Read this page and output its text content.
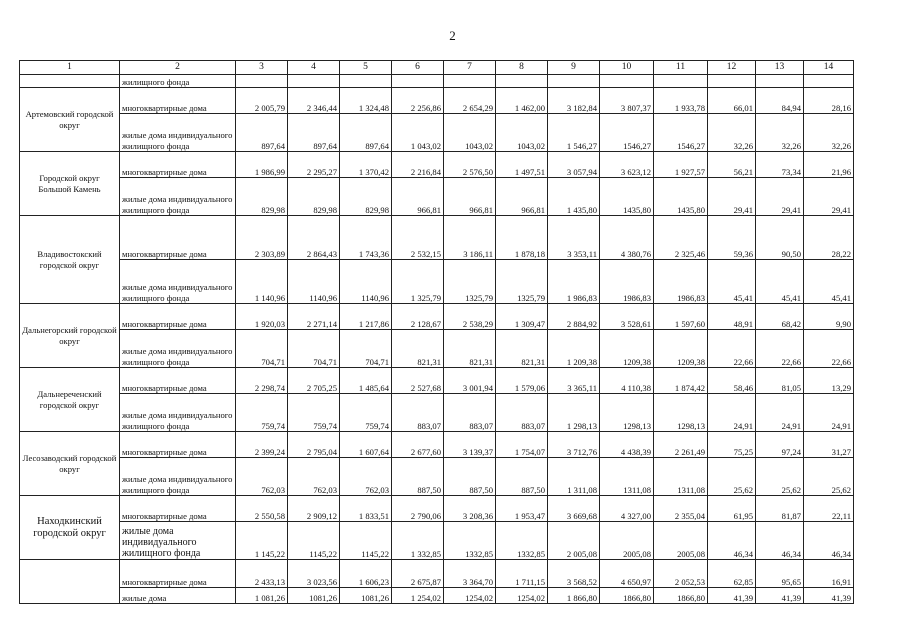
2
1	2	3	4	5	6	7	8	9	10	11	12	13	14
	жилищного фонда												
Артемовский городской округ	многоквартирные дома	2 005,79	2 346,44	1 324,48	2 256,86	2 654,29	1 462,00	3 182,84	3 807,37	1 933,78	66,01	84,94	28,16
	жилые дома индивидуального жилищного фонда	897,64	897,64	897,64	1 043,02	1043,02	1043,02	1 546,27	1546,27	1546,27	32,26	32,26	32,26
Городской округ Большой Камень	многоквартирные дома	1 986,99	2 295,27	1 370,42	2 216,84	2 576,50	1 497,51	3 057,94	3 623,12	1 927,57	56,21	73,34	21,96
	жилые дома индивидуального жилищного фонда	829,98	829,98	829,98	966,81	966,81	966,81	1 435,80	1435,80	1435,80	29,41	29,41	29,41
Владивостокский городской округ	многоквартирные дома	2 303,89	2 864,43	1 743,36	2 532,15	3 186,11	1 878,18	3 353,11	4 380,76	2 325,46	59,36	90,50	28,22
	жилые дома индивидуального жилищного фонда	1 140,96	1140,96	1140,96	1 325,79	1325,79	1325,79	1 986,83	1986,83	1986,83	45,41	45,41	45,41
Дальнегорский городской округ	многоквартирные дома	1 920,03	2 271,14	1 217,86	2 128,67	2 538,29	1 309,47	2 884,92	3 528,61	1 597,60	48,91	68,42	9,90
	жилые дома индивидуального жилищного фонда	704,71	704,71	704,71	821,31	821,31	821,31	1 209,38	1209,38	1209,38	22,66	22,66	22,66
Дальнереченский городской округ	многоквартирные дома	2 298,74	2 705,25	1 485,64	2 527,68	3 001,94	1 579,06	3 365,11	4 110,38	1 874,42	58,46	81,05	13,29
	жилые дома индивидуального жилищного фонда	759,74	759,74	759,74	883,07	883,07	883,07	1 298,13	1298,13	1298,13	24,91	24,91	24,91
Лесозаводский городской округ	многоквартирные дома	2 399,24	2 795,04	1 607,64	2 677,60	3 139,37	1 754,07	3 712,76	4 438,39	2 261,49	75,25	97,24	31,27
	жилые дома индивидуального жилищного фонда	762,03	762,03	762,03	887,50	887,50	887,50	1 311,08	1311,08	1311,08	25,62	25,62	25,62
Находкинский городской округ	многоквартирные дома	2 550,58	2 909,12	1 833,51	2 790,06	3 208,36	1 953,47	3 669,68	4 327,00	2 355,04	61,95	81,87	22,11
	жилые дома индивидуального жилищного фонда	1 145,22	1145,22	1145,22	1 332,85	1332,85	1332,85	2 005,08	2005,08	2005,08	46,34	46,34	46,34
	многоквартирные дома	2 433,13	3 023,56	1 606,23	2 675,87	3 364,70	1 711,15	3 568,52	4 650,97	2 052,53	62,85	95,65	16,91
	жилые дома	1 081,26	1081,26	1081,26	1 254,02	1254,02	1254,02	1 866,80	1866,80	1866,80	41,39	41,39	41,39
